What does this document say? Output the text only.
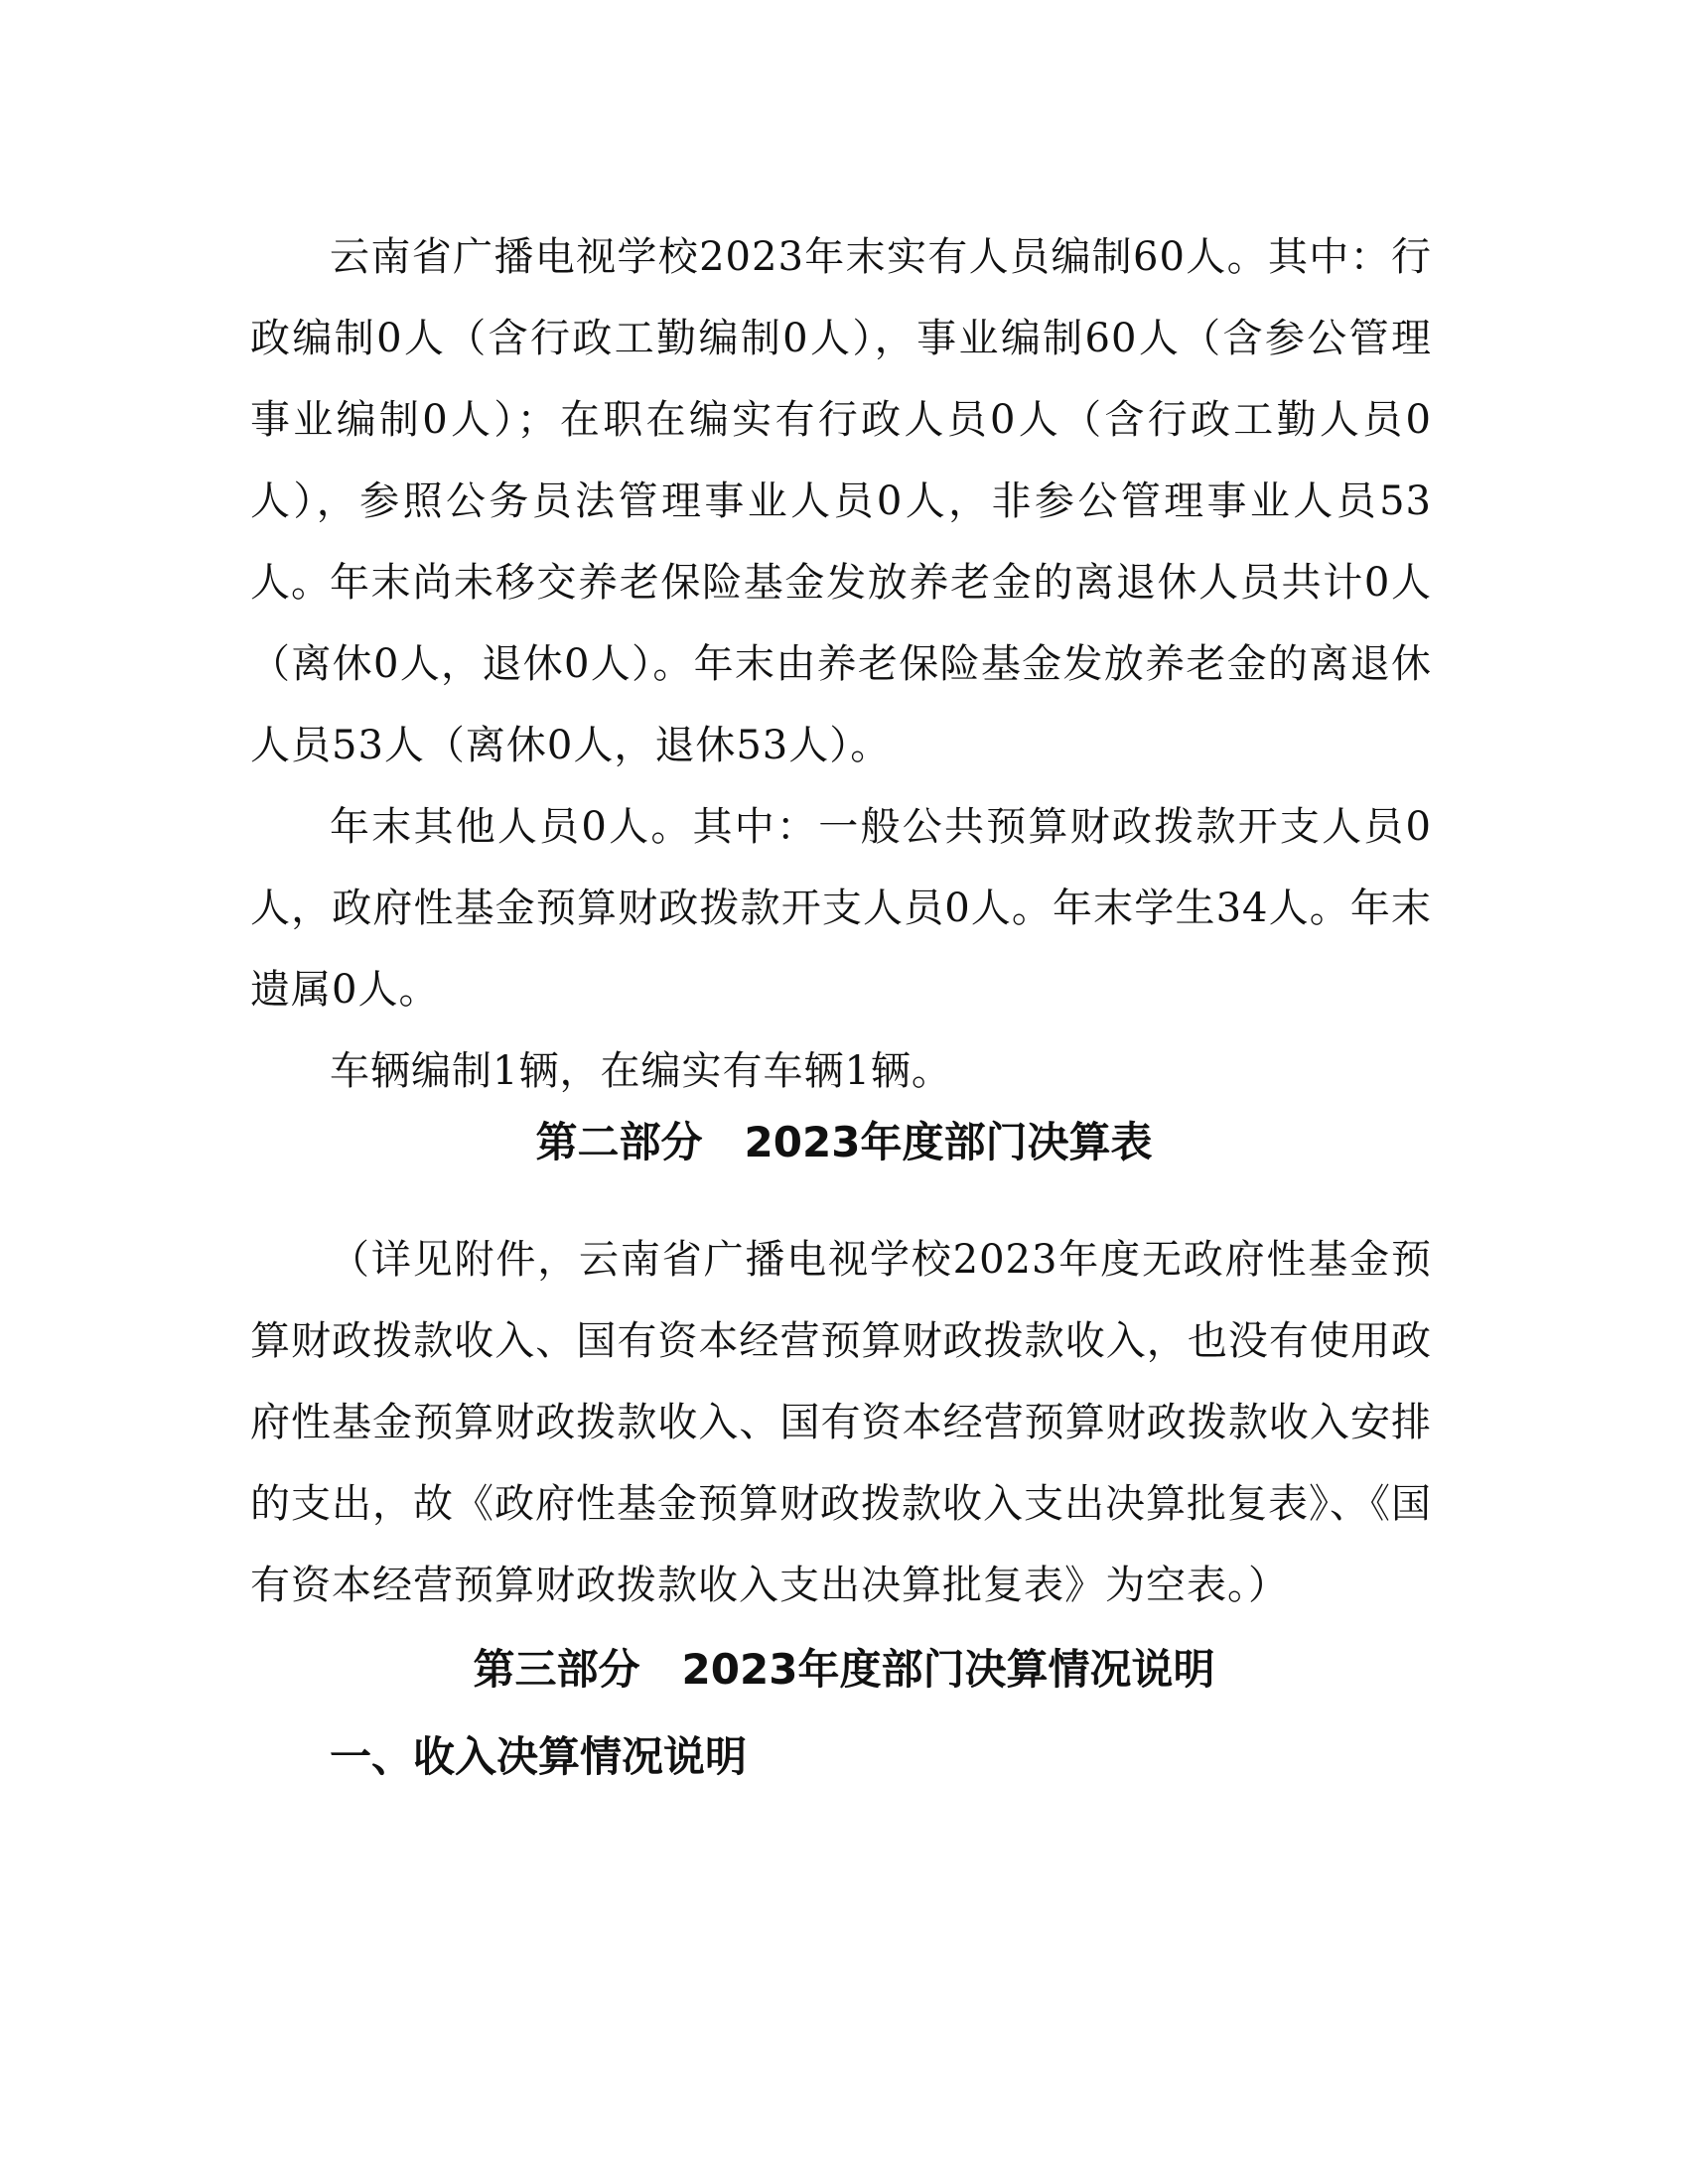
云南省广播电视学校2023年末实有人员编制60人。其中：行政编制0人（含行政工勤编制0人），事业编制60人（含参公管理事业编制0人）；在职在编实有行政人员0人（含行政工勤人员0人），参照公务员法管理事业人员0人，非参公管理事业人员53人。

年末尚未移交养老保险基金发放养老金的离退休人员共计0人（离休0人，退休0人）。年末由养老保险基金发放养老金的离退休人员53人（离休0人，退休53人）。

年末其他人员0人。其中：一般公共预算财政拨款开支人员0人，政府性基金预算财政拨款开支人员0人。年末学生34人。年末遗属0人。

车辆编制1辆，在编实有车辆1辆。

第二部分　2023年度部门决算表

（详见附件，云南省广播电视学校2023年度无政府性基金预算财政拨款收入、国有资本经营预算财政拨款收入，也没有使用政府性基金预算财政拨款收入、国有资本经营预算财政拨款收入安排的支出，故《政府性基金预算财政拨款收入支出决算批复表》、《国有资本经营预算财政拨款收入支出决算批复表》为空表。）

第三部分　2023年度部门决算情况说明
一、收入决算情况说明
